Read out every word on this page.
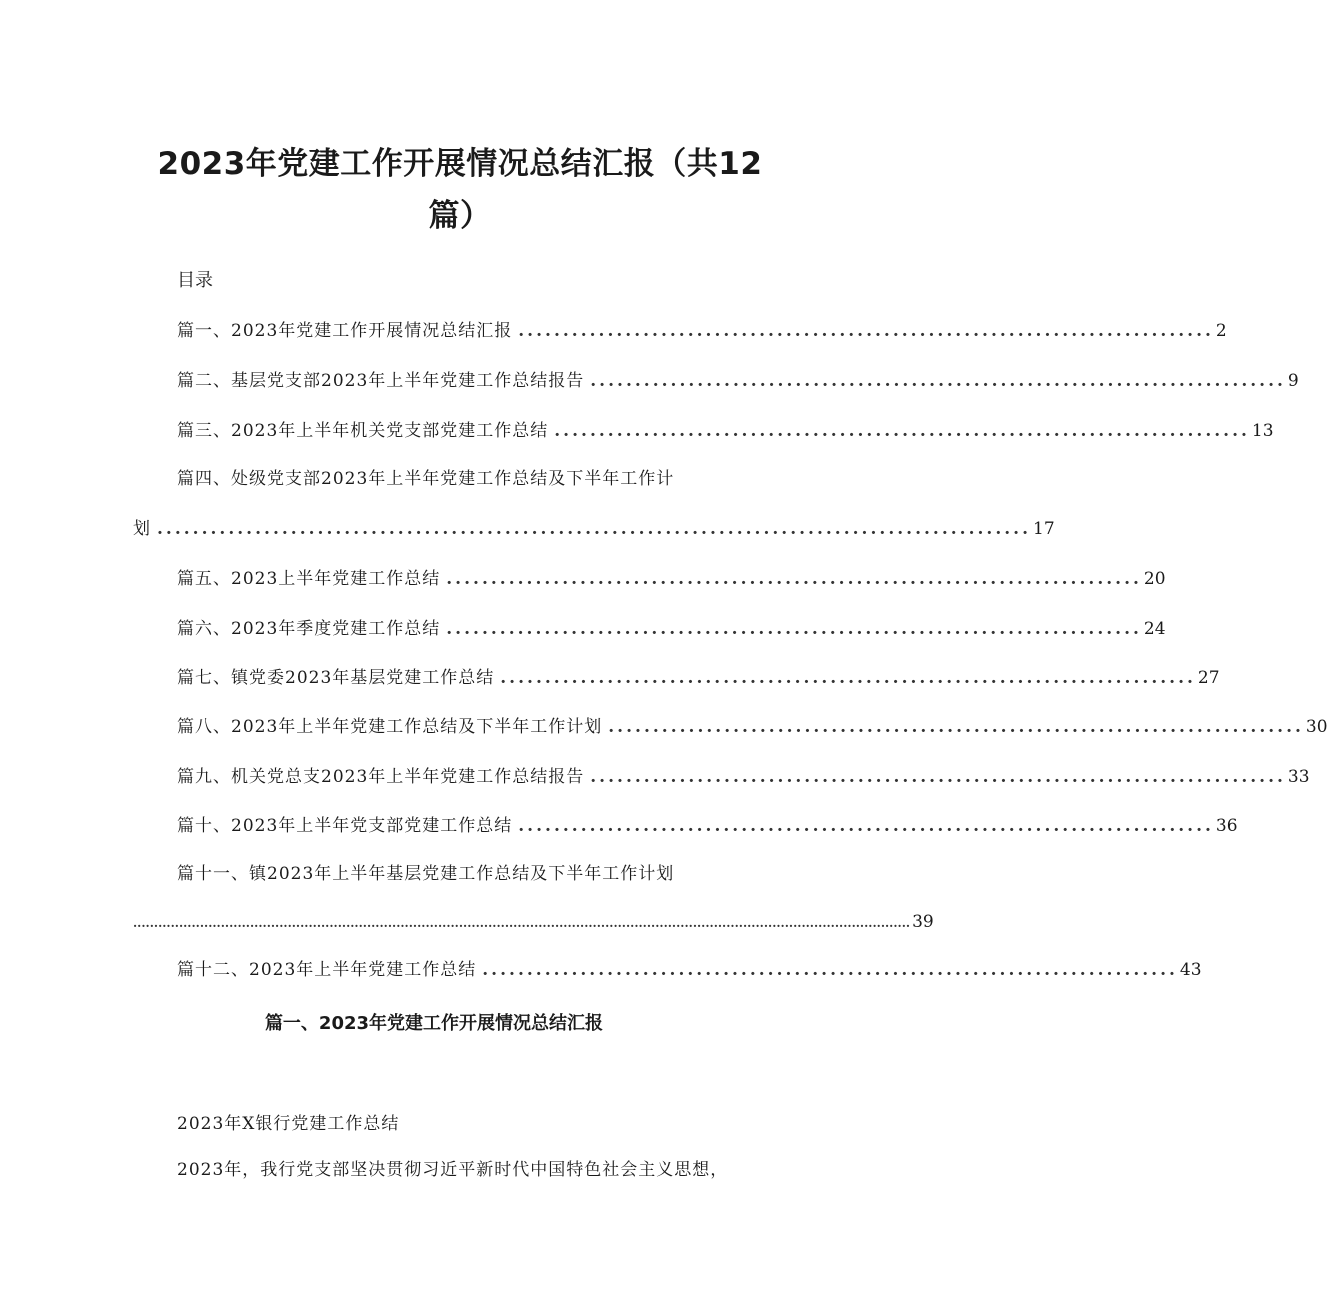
2023年党建工作开展情况总结汇报（共12
篇）
目录
篇一、2023年党建工作开展情况总结汇报 .............................................................................. 2
篇二、基层党支部2023年上半年党建工作总结报告 .............................................................................. 9
篇三、2023年上半年机关党支部党建工作总结 .............................................................................. 13
篇四、处级党支部2023年上半年党建工作总结及下半年工作计
划 .................................................................................................. 17
篇五、2023上半年党建工作总结 .............................................................................. 20
篇六、2023年季度党建工作总结 .............................................................................. 24
篇七、镇党委2023年基层党建工作总结 .............................................................................. 27
篇八、2023年上半年党建工作总结及下半年工作计划 .............................................................................. 30
篇九、机关党总支2023年上半年党建工作总结报告 .............................................................................. 33
篇十、2023年上半年党支部党建工作总结 .............................................................................. 36
篇十一、镇2023年上半年基层党建工作总结及下半年工作计划
.......................................................................................................................................................................................... 39
篇十二、2023年上半年党建工作总结 .............................................................................. 43
篇一、2023年党建工作开展情况总结汇报
2023年X银行党建工作总结
2023年，我行党支部坚决贯彻习近平新时代中国特色社会主义思想，
